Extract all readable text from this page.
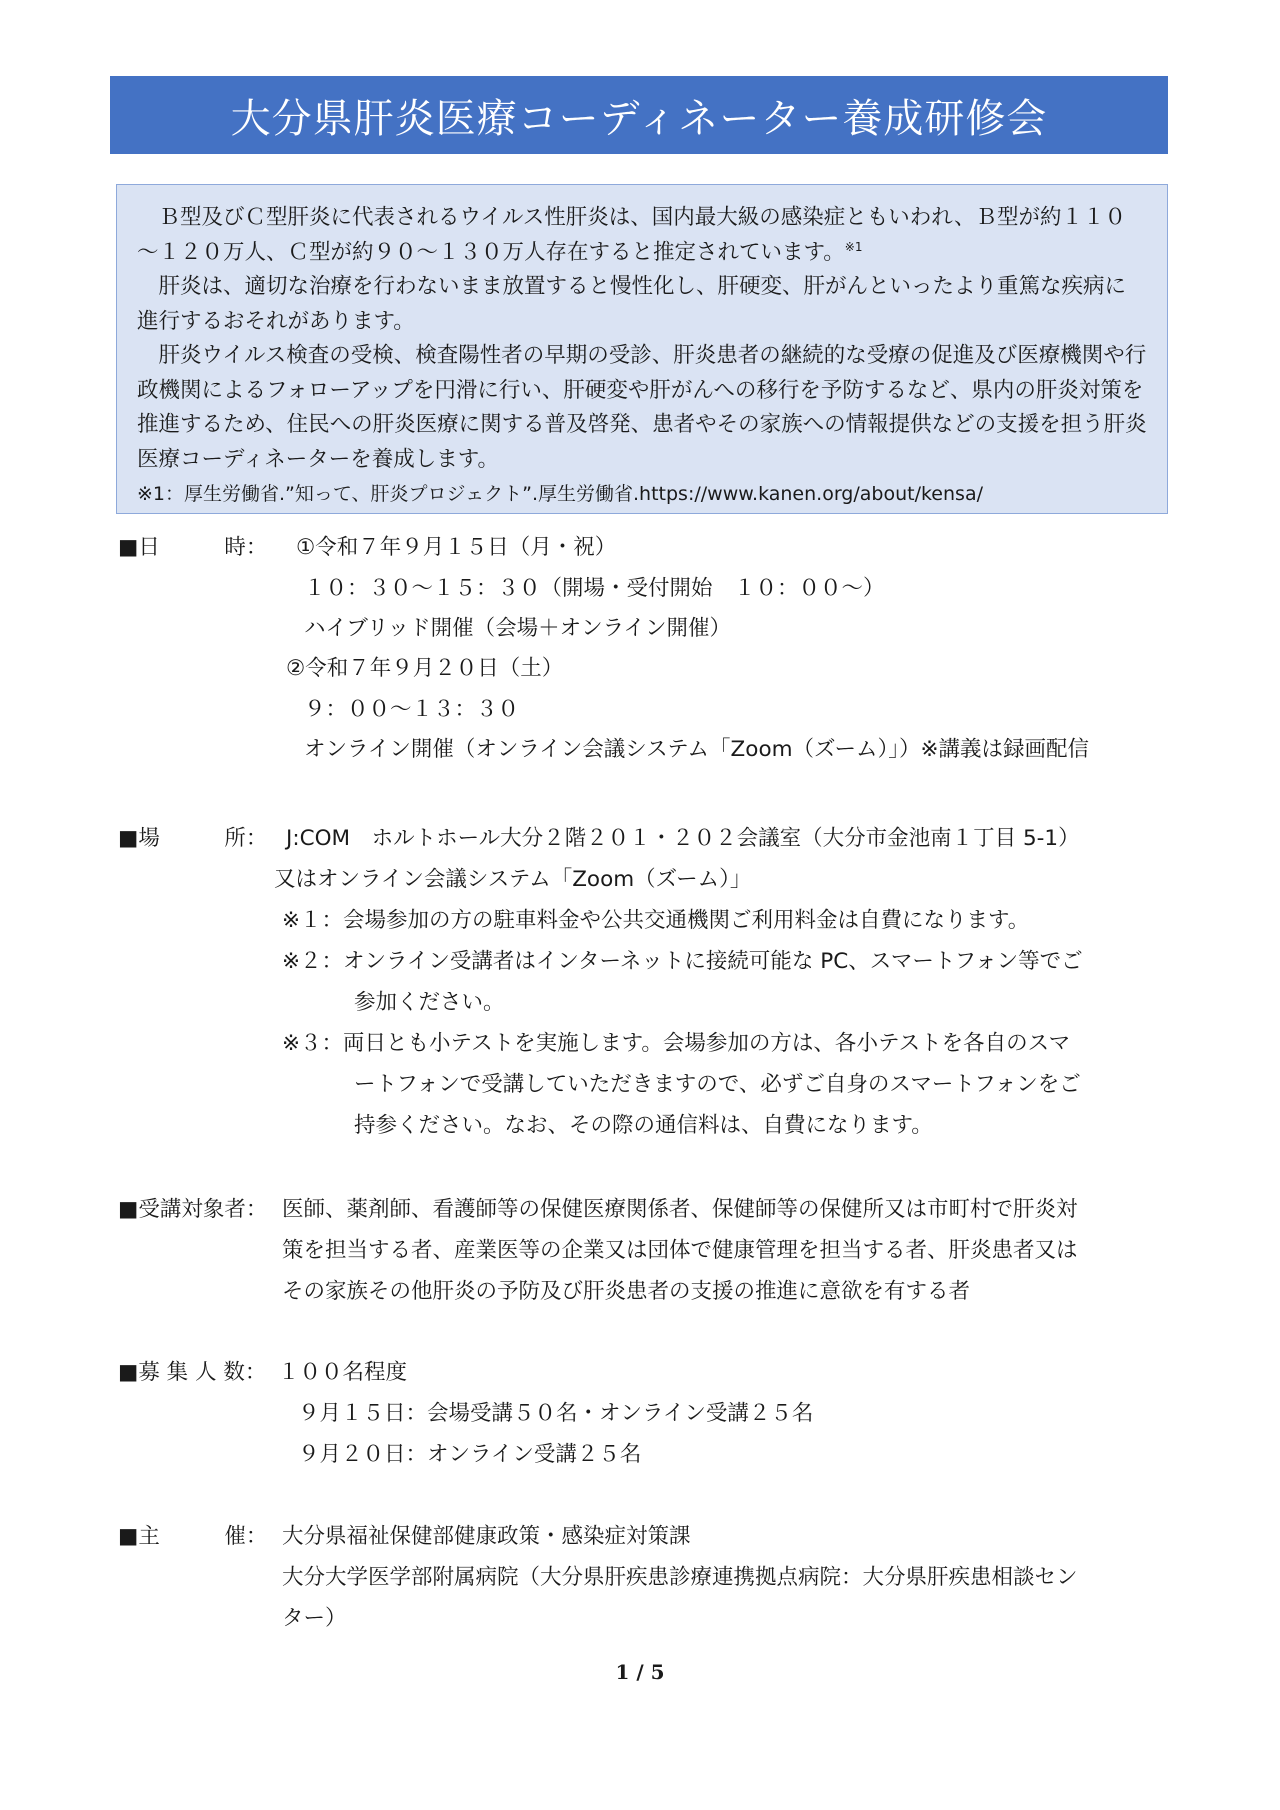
大分県肝炎医療コーディネーター養成研修会

Ｂ型及びＣ型肝炎に代表されるウイルス性肝炎は、国内最大級の感染症ともいわれ、Ｂ型が約１１０～１２０万人、Ｃ型が約９０～１３０万人存在すると推定されています。$^{※1}$

肝炎は、適切な治療を行わないまま放置すると慢性化し、肝硬変、肝がんといったより重篤な疾病に進行するおそれがあります。

肝炎ウイルス検査の受検、検査陽性者の早期の受診、肝炎患者の継続的な受療の促進及び医療機関や行政機関によるフォローアップを円滑に行い、肝硬変や肝がんへの移行を予防するなど、県内の肝炎対策を推進するため、住民への肝炎医療に関する普及啓発、患者やその家族への情報提供などの支援を担う肝炎医療コーディネーターを養成します。

※1：厚生労働省.”知って、肝炎プロジェクト”.厚生労働省.https://www.kanen.org/about/kensa/
■日　　　時： ①令和７年９月１５日（月・祝）
１０：３０～１５：３０（開場・受付開始　１０：００～）
ハイブリッド開催（会場＋オンライン開催）
②令和７年９月２０日（土）
９：００～１３：３０
オンライン開催（オンライン会議システム「Zoom（ズーム）」）※講義は録画配信
■場　　　所： J:COM　ホルトホール大分２階２０１・２０２会議室（大分市金池南１丁目 5-1）
又はオンライン会議システム「Zoom（ズーム）」
※１：会場参加の方の駐車料金や公共交通機関ご利用料金は自費になります。
※２：オンライン受講者はインターネットに接続可能な PC、スマートフォン等でご
参加ください。
※３：両日とも小テストを実施します。会場参加の方は、各小テストを各自のスマ
ートフォンで受講していただきますので、必ずご自身のスマートフォンをご
持参ください。なお、その際の通信料は、自費になります。
■受講対象者： 医師、薬剤師、看護師等の保健医療関係者、保健師等の保健所又は市町村で肝炎対
策を担当する者、産業医等の企業又は団体で健康管理を担当する者、肝炎患者又は
その家族その他肝炎の予防及び肝炎患者の支援の推進に意欲を有する者
■募 集 人 数： １００名程度
９月１５日：会場受講５０名・オンライン受講２５名
９月２０日：オンライン受講２５名
■主　　　催： 大分県福祉保健部健康政策・感染症対策課
大分大学医学部附属病院（大分県肝疾患診療連携拠点病院：大分県肝疾患相談セン
ター）
1 / 5
